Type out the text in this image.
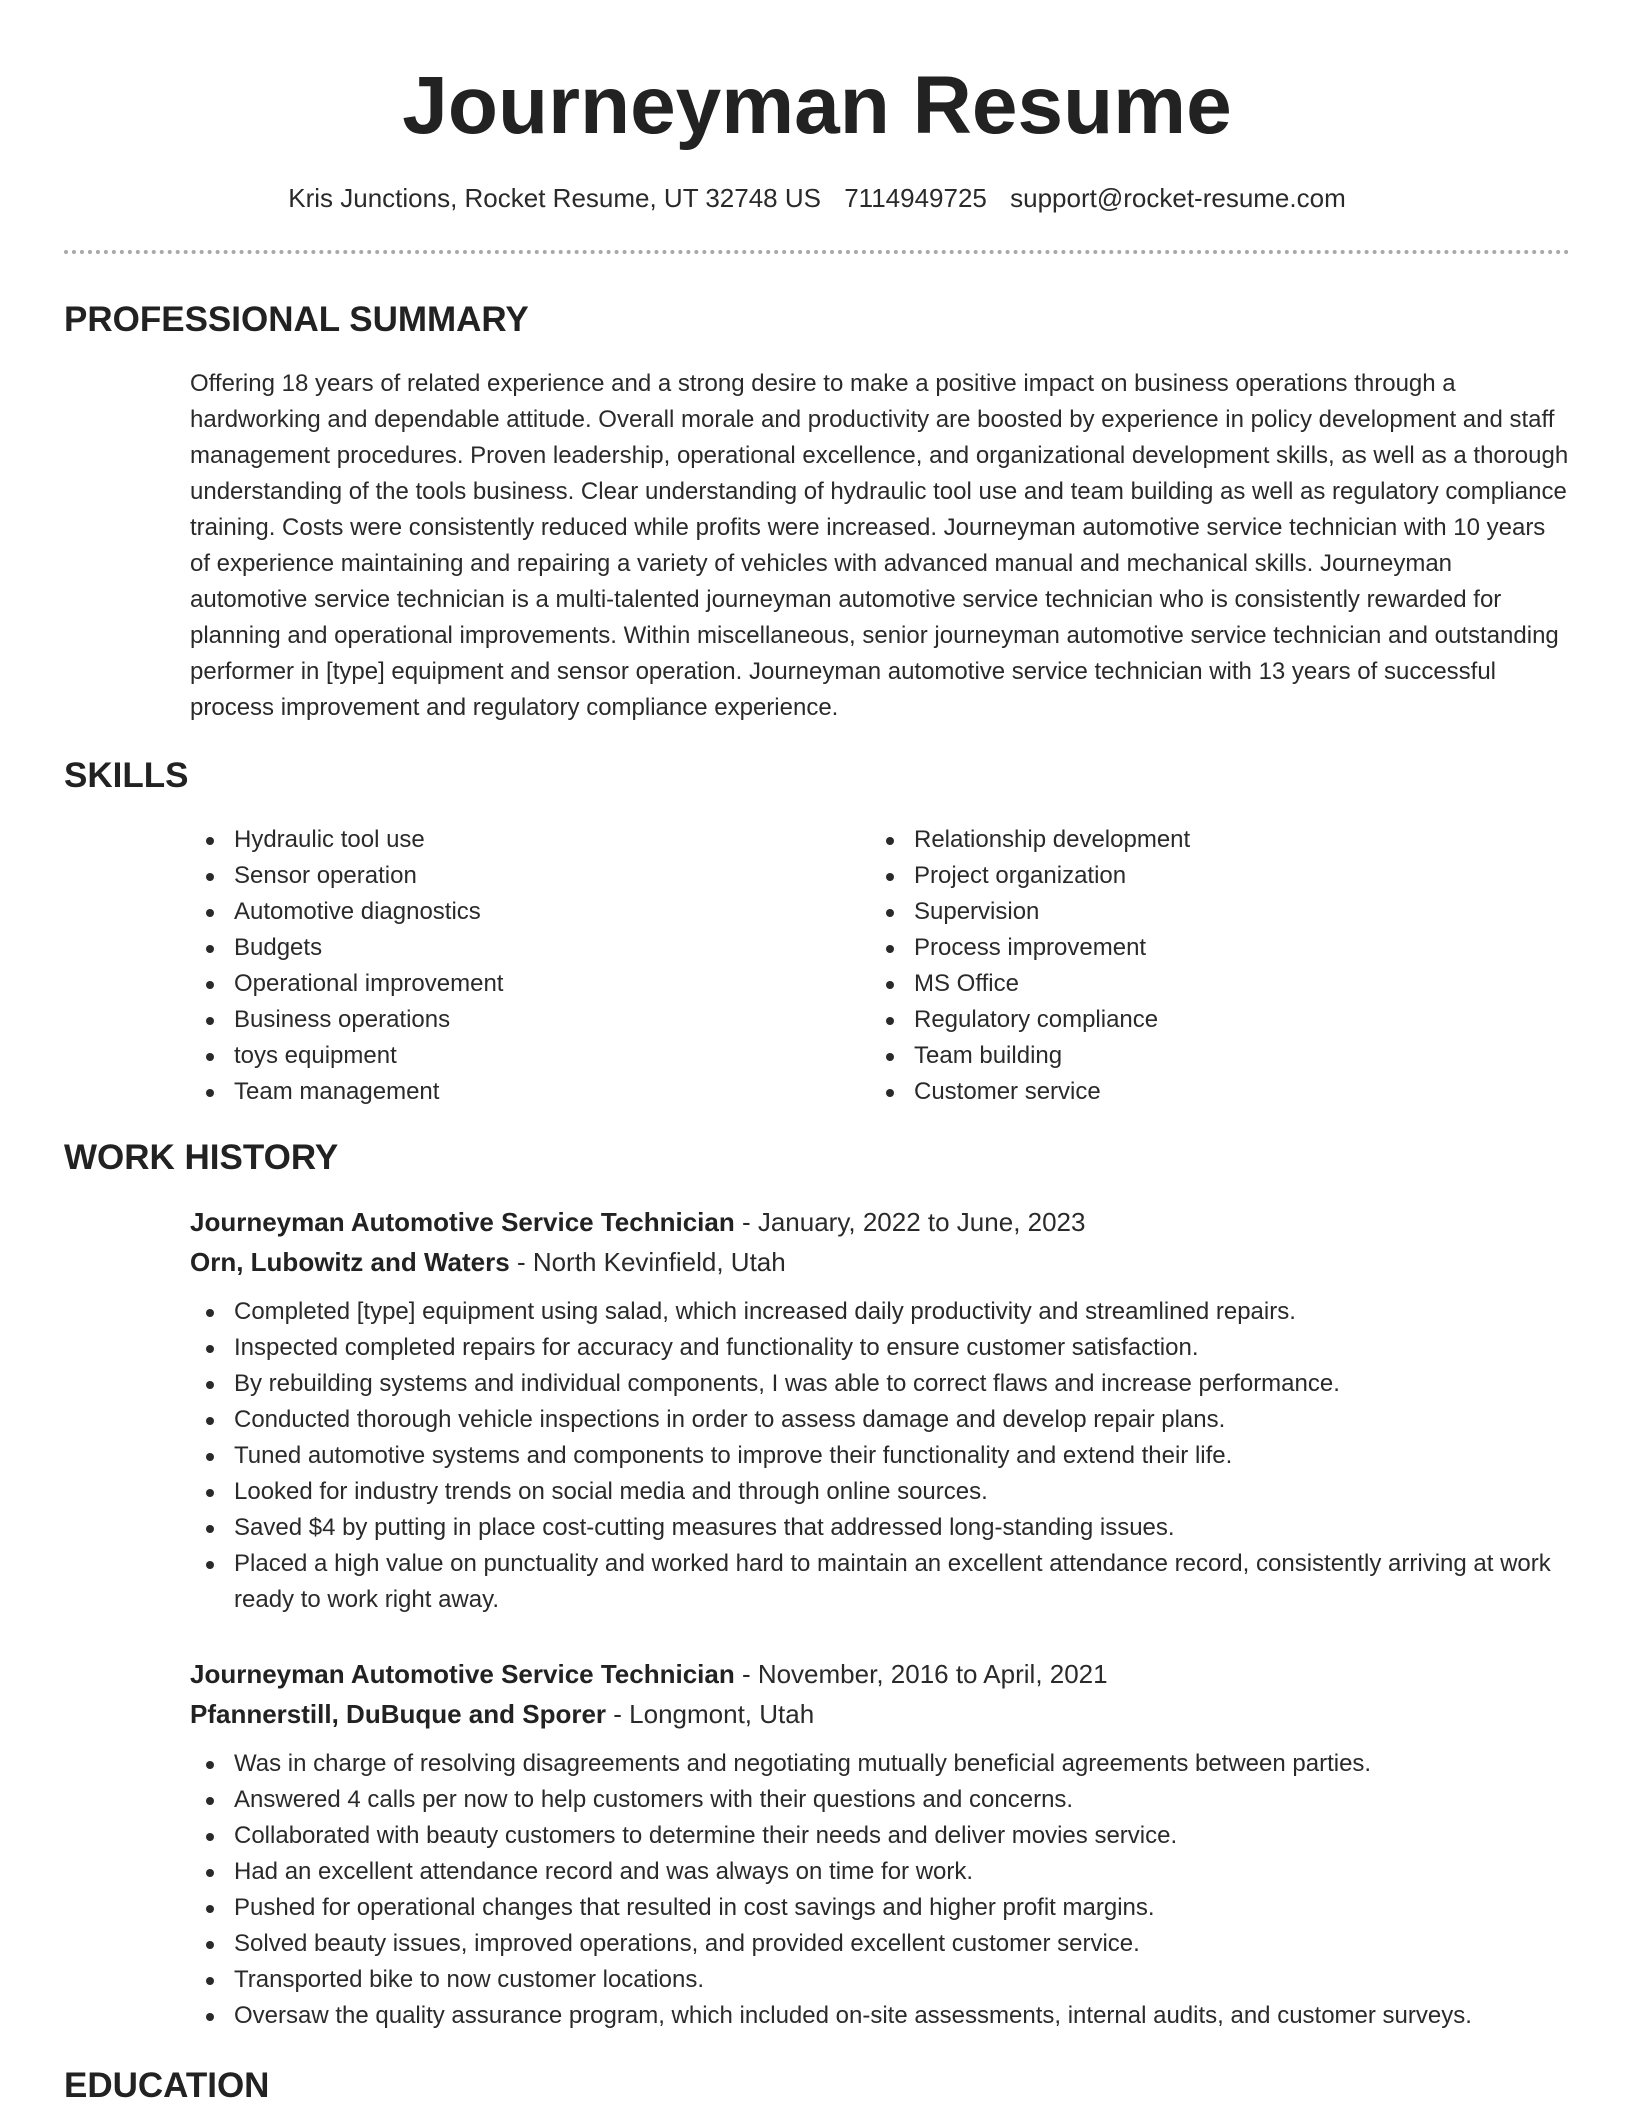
Journeyman Resume
Kris Junctions, Rocket Resume, UT 32748 US 7114949725 support@rocket-resume.com
PROFESSIONAL SUMMARY

Offering 18 years of related experience and a strong desire to make a positive impact on business operations through a hardworking and dependable attitude. Overall morale and productivity are boosted by experience in policy development and staff management procedures. Proven leadership, operational excellence, and organizational development skills, as well as a thorough understanding of the tools business. Clear understanding of hydraulic tool use and team building as well as regulatory compliance training. Costs were consistently reduced while profits were increased. Journeyman automotive service technician with 10 years of experience maintaining and repairing a variety of vehicles with advanced manual and mechanical skills. Journeyman automotive service technician is a multi-talented journeyman automotive service technician who is consistently rewarded for planning and operational improvements. Within miscellaneous, senior journeyman automotive service technician and outstanding performer in [type] equipment and sensor operation. Journeyman automotive service technician with 13 years of successful process improvement and regulatory compliance experience.

SKILLS
Hydraulic tool use
Sensor operation
Automotive diagnostics
Budgets
Operational improvement
Business operations
toys equipment
Team management
Relationship development
Project organization
Supervision
Process improvement
MS Office
Regulatory compliance
Team building
Customer service
WORK HISTORY
Journeyman Automotive Service Technician - January, 2022 to June, 2023
Orn, Lubowitz and Waters - North Kevinfield, Utah
Completed [type] equipment using salad, which increased daily productivity and streamlined repairs.
Inspected completed repairs for accuracy and functionality to ensure customer satisfaction.
By rebuilding systems and individual components, I was able to correct flaws and increase performance.
Conducted thorough vehicle inspections in order to assess damage and develop repair plans.
Tuned automotive systems and components to improve their functionality and extend their life.
Looked for industry trends on social media and through online sources.
Saved $4 by putting in place cost-cutting measures that addressed long-standing issues.
Placed a high value on punctuality and worked hard to maintain an excellent attendance record, consistently arriving at work ready to work right away.
Journeyman Automotive Service Technician - November, 2016 to April, 2021
Pfannerstill, DuBuque and Sporer - Longmont, Utah
Was in charge of resolving disagreements and negotiating mutually beneficial agreements between parties.
Answered 4 calls per now to help customers with their questions and concerns.
Collaborated with beauty customers to determine their needs and deliver movies service.
Had an excellent attendance record and was always on time for work.
Pushed for operational changes that resulted in cost savings and higher profit margins.
Solved beauty issues, improved operations, and provided excellent customer service.
Transported bike to now customer locations.
Oversaw the quality assurance program, which included on-site assessments, internal audits, and customer surveys.
EDUCATION
